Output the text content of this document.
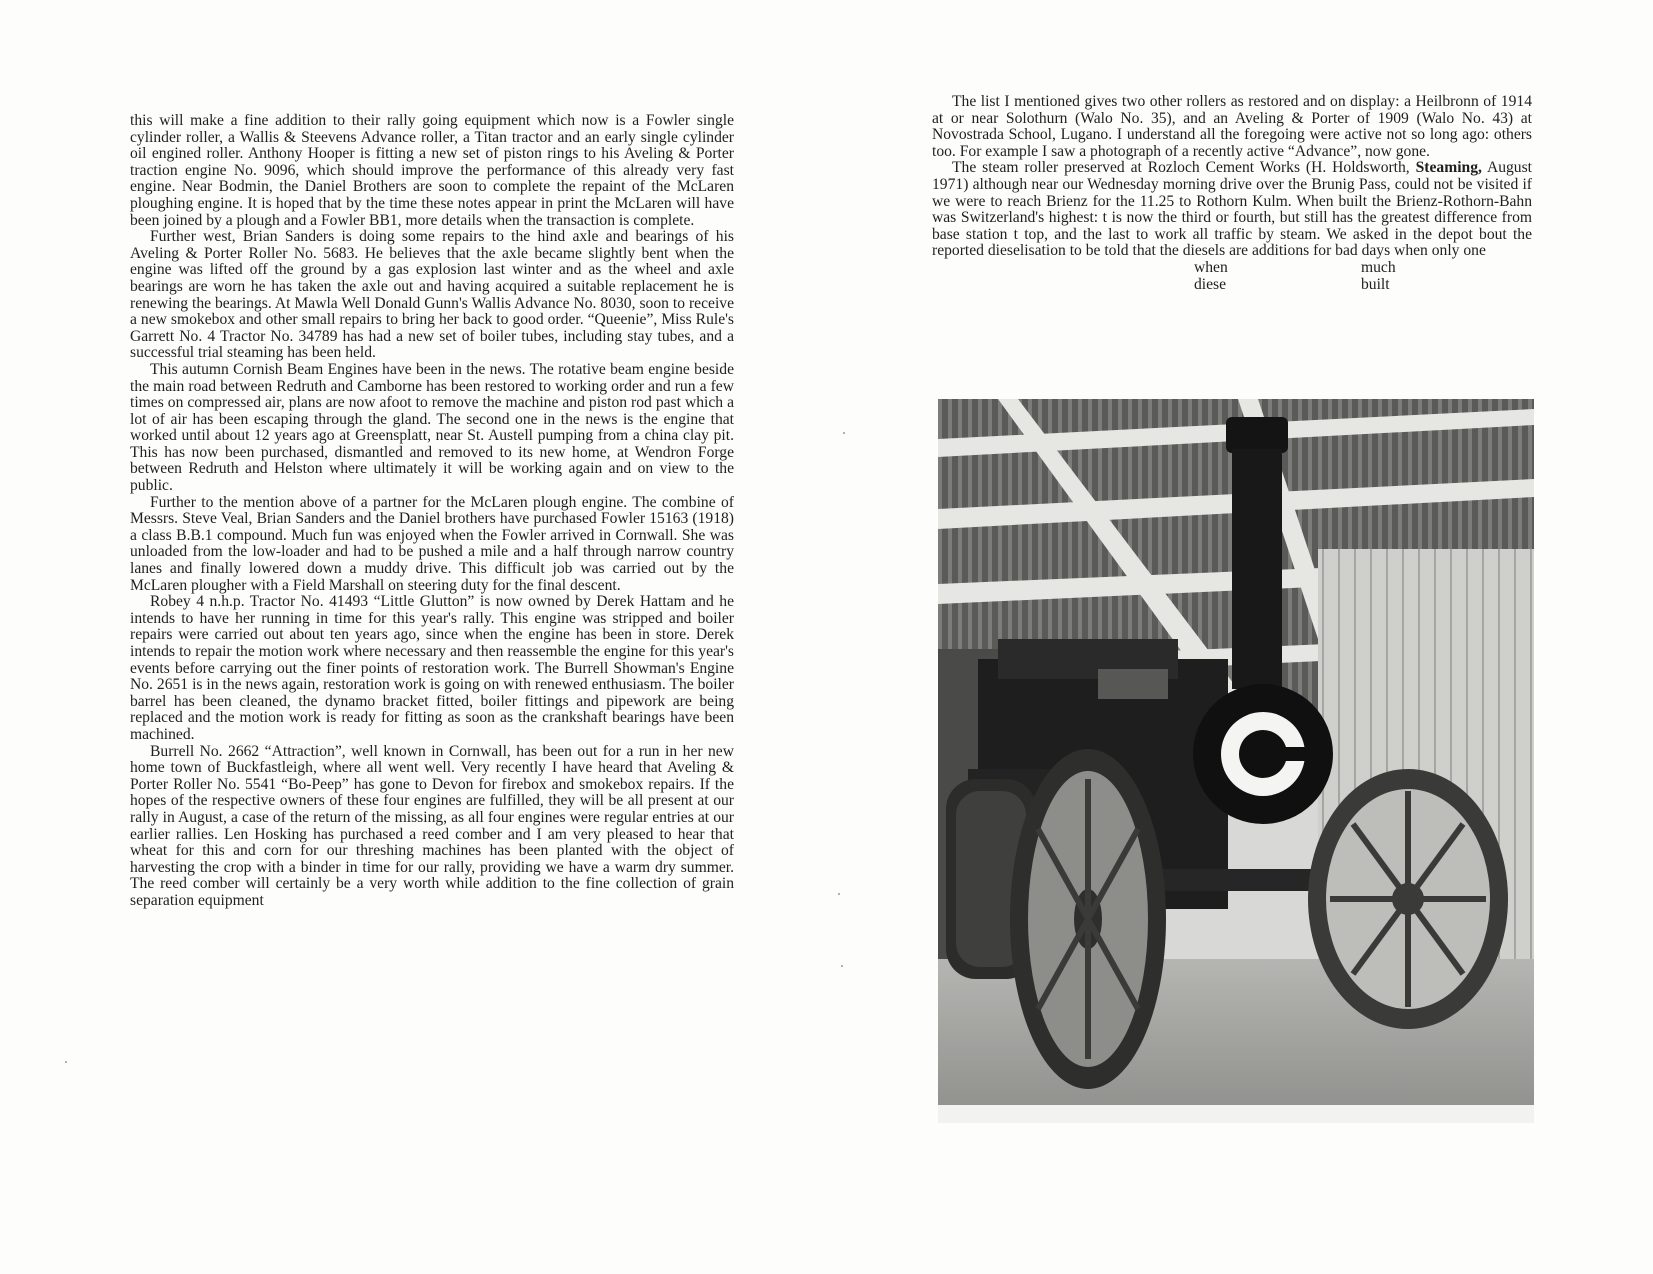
this will make a fine addition to their rally going equipment which now is a Fowler single cylinder roller, a Wallis & Steevens Advance roller, a Titan tractor and an early single cylinder oil engined roller. Anthony Hooper is fitting a new set of piston rings to his Aveling & Porter traction engine No. 9096, which should improve the performance of this already very fast engine. Near Bodmin, the Daniel Brothers are soon to complete the repaint of the McLaren ploughing engine. It is hoped that by the time these notes appear in print the McLaren will have been joined by a plough and a Fowler BB1, more details when the transaction is complete.

Further west, Brian Sanders is doing some repairs to the hind axle and bearings of his Aveling & Porter Roller No. 5683. He believes that the axle became slightly bent when the engine was lifted off the ground by a gas explosion last winter and as the wheel and axle bearings are worn he has taken the axle out and having acquired a suitable replacement he is renewing the bearings. At Mawla Well Donald Gunn's Wallis Advance No. 8030, soon to receive a new smokebox and other small repairs to bring her back to good order. “Queenie”, Miss Rule's Garrett No. 4 Tractor No. 34789 has had a new set of boiler tubes, including stay tubes, and a successful trial steaming has been held.

This autumn Cornish Beam Engines have been in the news. The rotative beam engine beside the main road between Redruth and Camborne has been restored to working order and run a few times on compressed air, plans are now afoot to remove the machine and piston rod past which a lot of air has been escaping through the gland. The second one in the news is the engine that worked until about 12 years ago at Greensplatt, near St. Austell pumping from a china clay pit. This has now been purchased, dismantled and removed to its new home, at Wendron Forge between Redruth and Helston where ultimately it will be working again and on view to the public.

Further to the mention above of a partner for the McLaren plough engine. The combine of Messrs. Steve Veal, Brian Sanders and the Daniel brothers have purchased Fowler 15163 (1918) a class B.B.1 compound. Much fun was enjoyed when the Fowler arrived in Cornwall. She was unloaded from the low-loader and had to be pushed a mile and a half through narrow country lanes and finally lowered down a muddy drive. This difficult job was carried out by the McLaren plougher with a Field Marshall on steering duty for the final descent.

Robey 4 n.h.p. Tractor No. 41493 “Little Glutton” is now owned by Derek Hattam and he intends to have her running in time for this year's rally. This engine was stripped and boiler repairs were carried out about ten years ago, since when the engine has been in store. Derek intends to repair the motion work where necessary and then reassemble the engine for this year's events before carrying out the finer points of restoration work. The Burrell Showman's Engine No. 2651 is in the news again, restoration work is going on with renewed enthusiasm. The boiler barrel has been cleaned, the dynamo bracket fitted, boiler fittings and pipework are being replaced and the motion work is ready for fitting as soon as the crankshaft bearings have been machined.

Burrell No. 2662 “Attraction”, well known in Cornwall, has been out for a run in her new home town of Buckfastleigh, where all went well. Very recently I have heard that Aveling & Porter Roller No. 5541 “Bo-Peep” has gone to Devon for firebox and smokebox repairs. If the hopes of the respective owners of these four engines are fulfilled, they will be all present at our rally in August, a case of the return of the missing, as all four engines were regular entries at our earlier rallies. Len Hosking has purchased a reed comber and I am very pleased to hear that wheat for this and corn for our threshing machines has been planted with the object of harvesting the crop with a binder in time for our rally, providing we have a warm dry summer. The reed comber will certainly be a very worth while addition to the fine collection of grain separation equipment

The list I mentioned gives two other rollers as restored and on display: a Heilbronn of 1914 at or near Solothurn (Walo No. 35), and an Aveling & Porter of 1909 (Walo No. 43) at Novostrada School, Lugano. I understand all the foregoing were active not so long ago: others too. For example I saw a photograph of a recently active “Advance”, now gone.

The steam roller preserved at Rozloch Cement Works (H. Holdsworth, Steaming, August 1971) although near our Wednesday morning drive over the Brunig Pass, could not be visited if we were to reach Brienz for the 11.25 to Rothorn Kulm. When built the Brienz-Rothorn-Bahn was Switzerland's highest: t is now the third or fourth, but still has the greatest difference from base station t top, and the last to work all traffic by steam. We asked in the depot bout the reported dieselisation to be told that the diesels are additions for bad days when only one

when	much
diese	built
